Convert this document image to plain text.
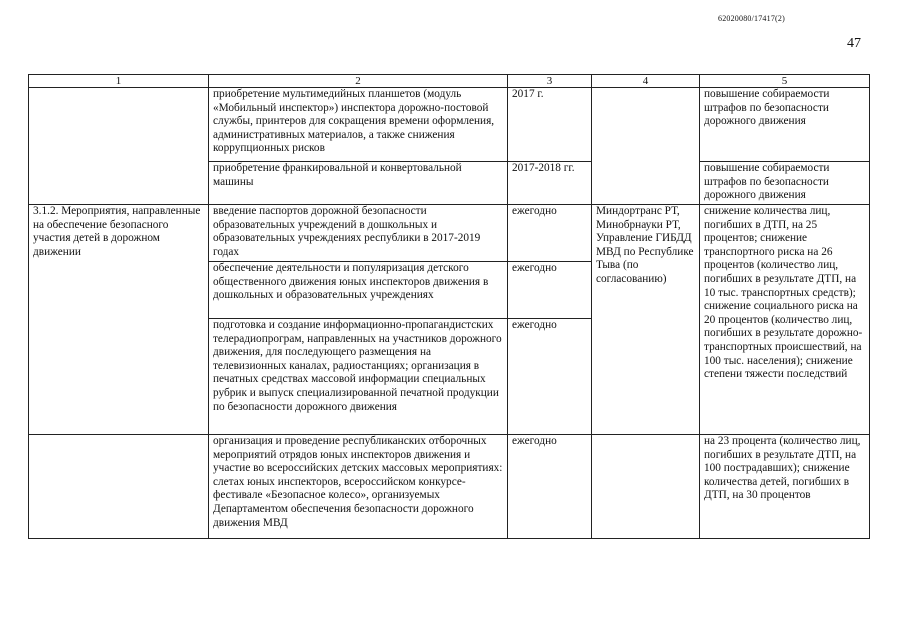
62020080/17417(2)
47
1	2	3	4	5
	приобретение мультимедийных планшетов (модуль «Мобильный инспектор») инспектора дорожно-постовой службы, принтеров для сокращения времени оформления, административных материалов, а также снижения коррупционных рисков	2017 г.		повышение собираемости штрафов по безопасности дорожного движения
	приобретение франкировальной и конвертовальной машины	2017-2018 гг.		повышение собираемости штрафов по безопасности дорожного движения
3.1.2. Мероприятия, направленные на обеспечение безопасного участия детей в дорожном движении	введение паспортов дорожной безопасности образовательных учреждений в дошкольных и образовательных учреждениях республики в 2017-2019 годах	ежегодно	Миндортранс РТ, Минобрнауки РТ, Управление ГИБДД МВД по Республике Тыва (по согласованию)	снижение количества лиц, погибших в ДТП, на 25 процентов; снижение транспортного риска на 26 процентов (количество лиц, погибших в результате ДТП, на 10 тыс. транспортных средств); снижение социального риска на 20 процентов (количество лиц, погибших в результате дорожно-транспортных происшествий, на 100 тыс. населения); снижение степени тяжести последствий
	обеспечение деятельности и популяризация детского общественного движения юных инспекторов движения в дошкольных и образовательных учреждениях	ежегодно		
	подготовка и создание информационно-пропагандистских телерадиопрограм, направленных на участников дорожного движения, для последующего размещения на телевизионных каналах, радиостанциях; организация в печатных средствах массовой информации специальных рубрик и выпуск специализированной печатной продукции по безопасности дорожного движения	ежегодно		
	организация и проведение республиканских отборочных мероприятий отрядов юных инспекторов движения и участие во всероссийских детских массовых мероприятиях: слетах юных инспекторов, всероссийском конкурсе-фестивале «Безопасное колесо», организуемых Департаментом обеспечения безопасности дорожного движения МВД	ежегодно		на 23 процента (количество лиц, погибших в результате ДТП, на 100 пострадавших); снижение количества детей, погибших в ДТП, на 30 процентов
